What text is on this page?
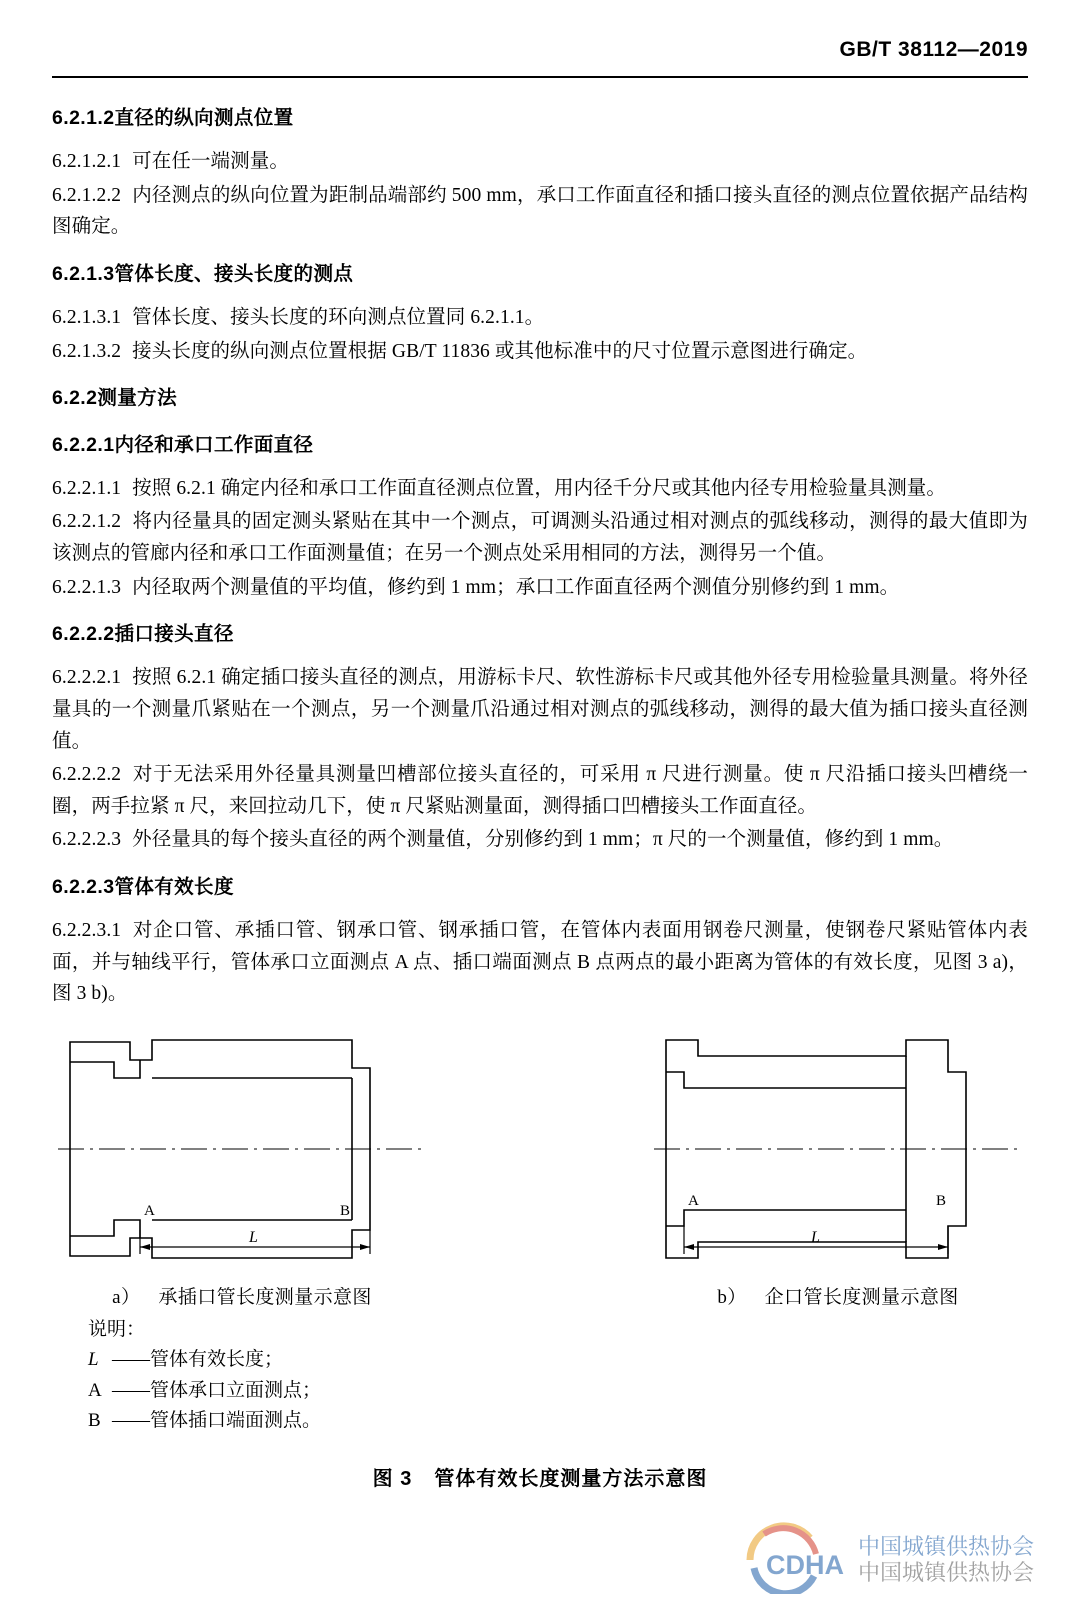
GB/T 38112—2019
6.2.1.2 直径的纵向测点位置

6.2.1.2.1 可在任一端测量。

6.2.1.2.2 内径测点的纵向位置为距制品端部约 500 mm，承口工作面直径和插口接头直径的测点位置依据产品结构图确定。

6.2.1.3 管体长度、接头长度的测点

6.2.1.3.1 管体长度、接头长度的环向测点位置同 6.2.1.1。

6.2.1.3.2 接头长度的纵向测点位置根据 GB/T 11836 或其他标准中的尺寸位置示意图进行确定。

6.2.2 测量方法
6.2.2.1 内径和承口工作面直径

6.2.2.1.1 按照 6.2.1 确定内径和承口工作面直径测点位置，用内径千分尺或其他内径专用检验量具测量。

6.2.2.1.2 将内径量具的固定测头紧贴在其中一个测点，可调测头沿通过相对测点的弧线移动，测得的最大值即为该测点的管廊内径和承口工作面测量值；在另一个测点处采用相同的方法，测得另一个值。

6.2.2.1.3 内径取两个测量值的平均值，修约到 1 mm；承口工作面直径两个测值分别修约到 1 mm。

6.2.2.2 插口接头直径

6.2.2.2.1 按照 6.2.1 确定插口接头直径的测点，用游标卡尺、软性游标卡尺或其他外径专用检验量具测量。将外径量具的一个测量爪紧贴在一个测点，另一个测量爪沿通过相对测点的弧线移动，测得的最大值为插口接头直径测值。

6.2.2.2.2 对于无法采用外径量具测量凹槽部位接头直径的，可采用 π 尺进行测量。使 π 尺沿插口接头凹槽绕一圈，两手拉紧 π 尺，来回拉动几下，使 π 尺紧贴测量面，测得插口凹槽接头工作面直径。

6.2.2.2.3 外径量具的每个接头直径的两个测量值，分别修约到 1 mm；π 尺的一个测量值，修约到 1 mm。

6.2.2.3 管体有效长度

6.2.2.3.1 对企口管、承插口管、钢承口管、钢承插口管，在管体内表面用钢卷尺测量，使钢卷尺紧贴管体内表面，并与轴线平行，管体承口立面测点 A 点、插口端面测点 B 点两点的最小距离为管体的有效长度，见图 3 a)，图 3 b)。

A	B
L
a） 承插口管长度测量示意图
A	B
L
b） 企口管长度测量示意图
说明：
L ——管体有效长度；
A ——管体承口立面测点；
B ——管体插口端面测点。
图 3 管体有效长度测量方法示意图
CDHA
中国城镇供热协会
中国城镇供热协会
